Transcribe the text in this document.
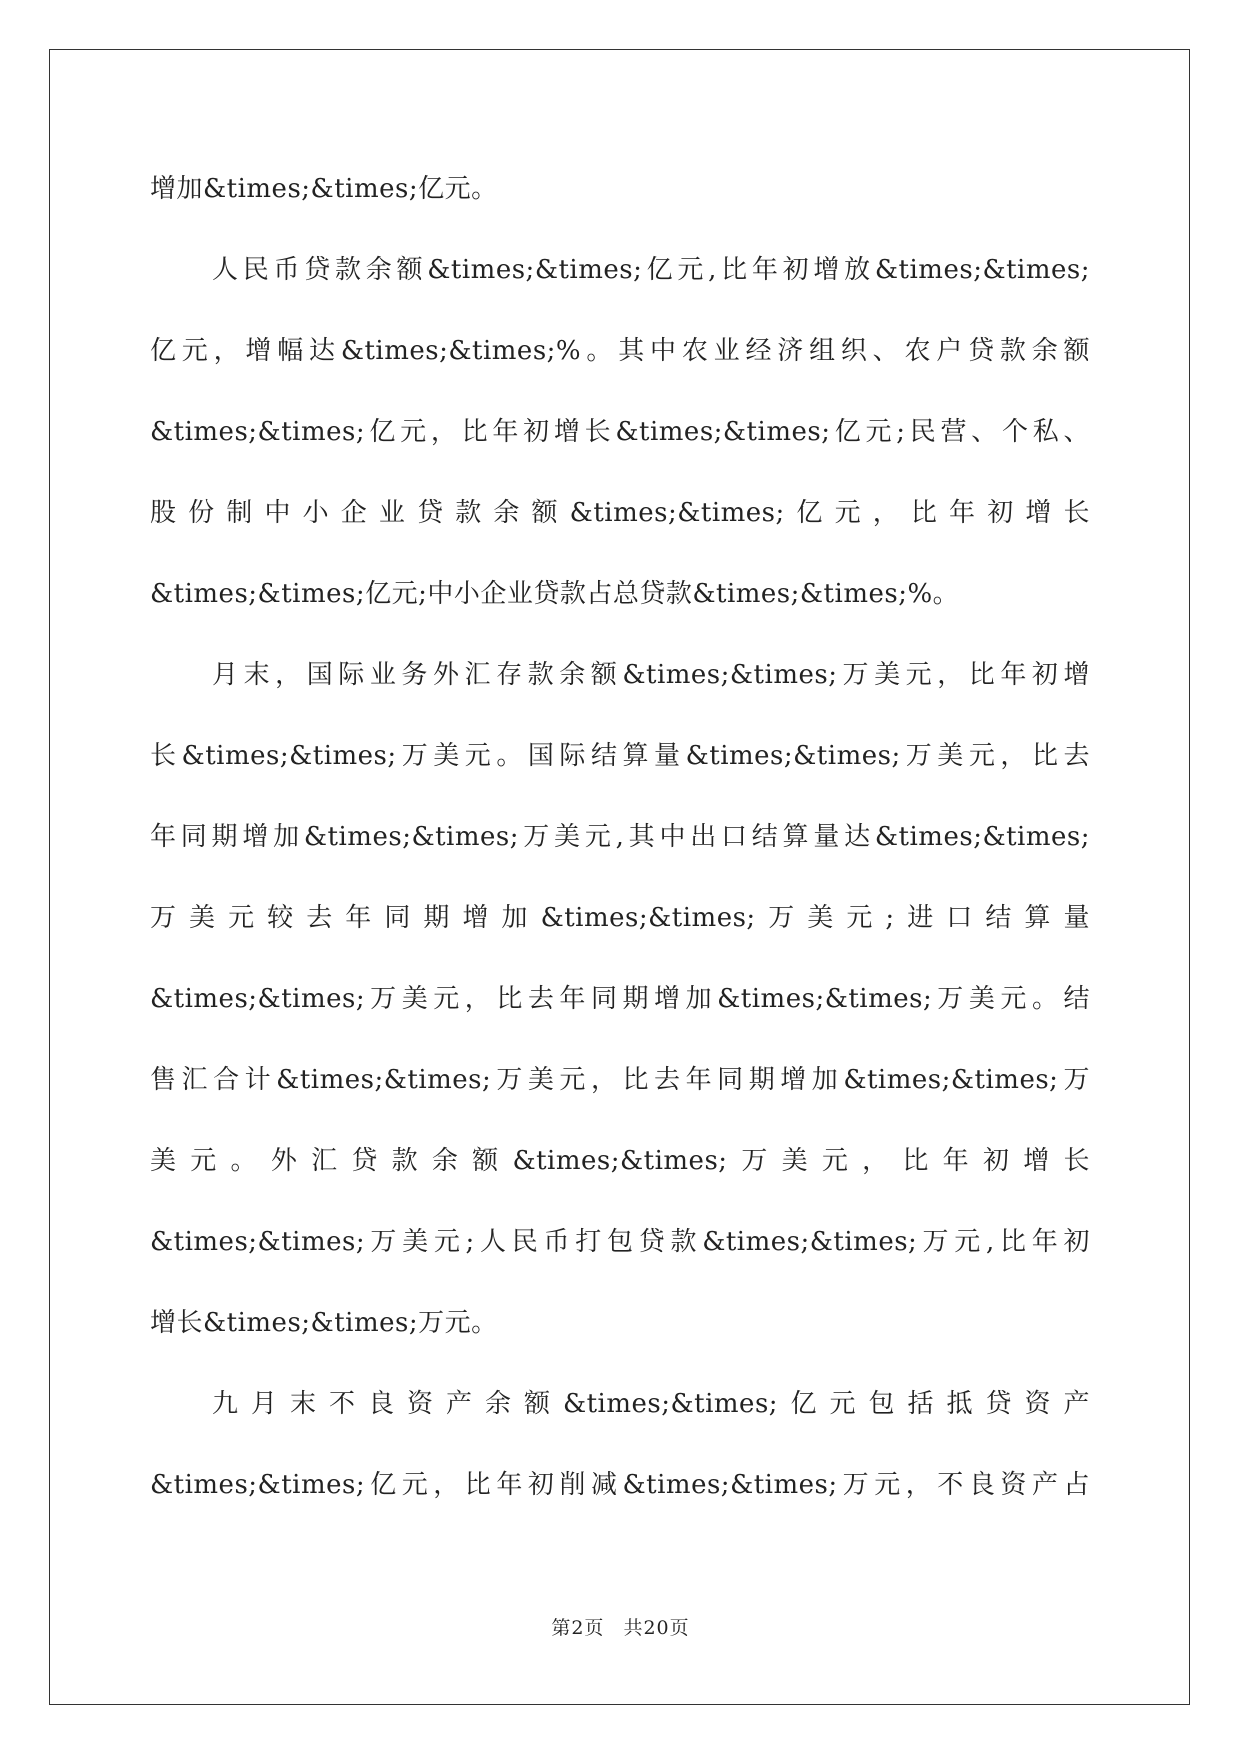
增加&times;&times;亿元。
人民币贷款余额&times;&times;亿元,比年初增放&times;&times;
亿元，增幅达&times;&times;%。其中农业经济组织、农户贷款余额
&times;&times;亿元，比年初增长&times;&times;亿元;民营、个私、
股份制中小企业贷款余额&times;&times;亿元，比年初增长
&times;&times;亿元;中小企业贷款占总贷款&times;&times;%。
月末，国际业务外汇存款余额&times;&times;万美元，比年初增
长&times;&times;万美元。国际结算量&times;&times;万美元，比去
年同期增加&times;&times;万美元,其中出口结算量达&times;&times;
万美元较去年同期增加&times;&times;万美元;进口结算量
&times;&times;万美元，比去年同期增加&times;&times;万美元。结
售汇合计&times;&times;万美元，比去年同期增加&times;&times;万
美元。外汇贷款余额&times;&times;万美元，比年初增长
&times;&times;万美元;人民币打包贷款&times;&times;万元,比年初
增长&times;&times;万元。
九月末不良资产余额&times;&times;亿元包括抵贷资产
&times;&times;亿元，比年初削减&times;&times;万元，不良资产占
第2页 共20页
